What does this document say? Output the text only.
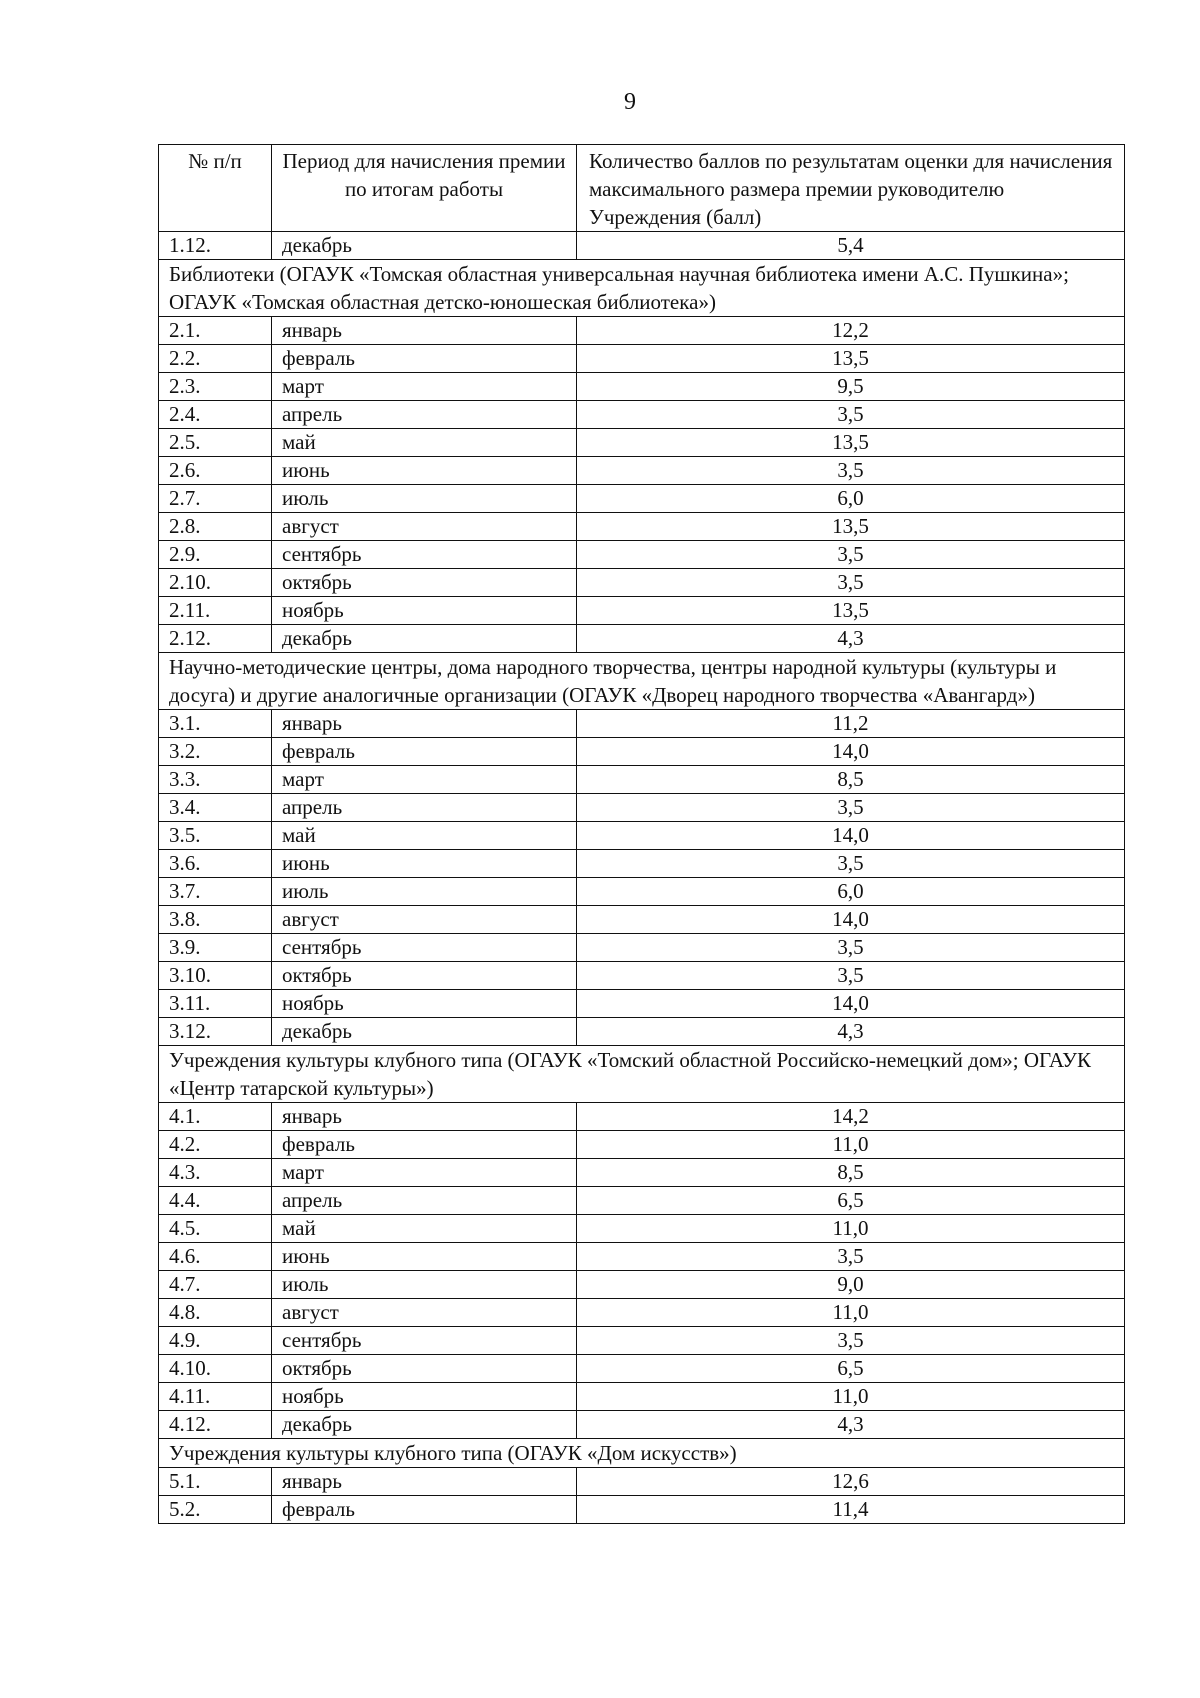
9
№ п/п	Период для начисления премии по итогам работы	Количество баллов по результатам оценки для начисления максимального размера премии руководителю Учреждения (балл)
1.12.	декабрь	5,4
Библиотеки (ОГАУК «Томская областная универсальная научная библиотека имени А.С. Пушкина»; ОГАУК «Томская областная детско-юношеская библиотека»)		
2.1.	январь	12,2
2.2.	февраль	13,5
2.3.	март	9,5
2.4.	апрель	3,5
2.5.	май	13,5
2.6.	июнь	3,5
2.7.	июль	6,0
2.8.	август	13,5
2.9.	сентябрь	3,5
2.10.	октябрь	3,5
2.11.	ноябрь	13,5
2.12.	декабрь	4,3
Научно-методические центры, дома народного творчества, центры народной культуры (культуры и досуга) и другие аналогичные организации (ОГАУК «Дворец народного творчества «Авангард»)		
3.1.	январь	11,2
3.2.	февраль	14,0
3.3.	март	8,5
3.4.	апрель	3,5
3.5.	май	14,0
3.6.	июнь	3,5
3.7.	июль	6,0
3.8.	август	14,0
3.9.	сентябрь	3,5
3.10.	октябрь	3,5
3.11.	ноябрь	14,0
3.12.	декабрь	4,3
Учреждения культуры клубного типа (ОГАУК «Томский областной Российско-немецкий дом»; ОГАУК «Центр татарской культуры»)		
4.1.	январь	14,2
4.2.	февраль	11,0
4.3.	март	8,5
4.4.	апрель	6,5
4.5.	май	11,0
4.6.	июнь	3,5
4.7.	июль	9,0
4.8.	август	11,0
4.9.	сентябрь	3,5
4.10.	октябрь	6,5
4.11.	ноябрь	11,0
4.12.	декабрь	4,3
Учреждения культуры клубного типа (ОГАУК «Дом искусств»)		
5.1.	январь	12,6
5.2.	февраль	11,4
